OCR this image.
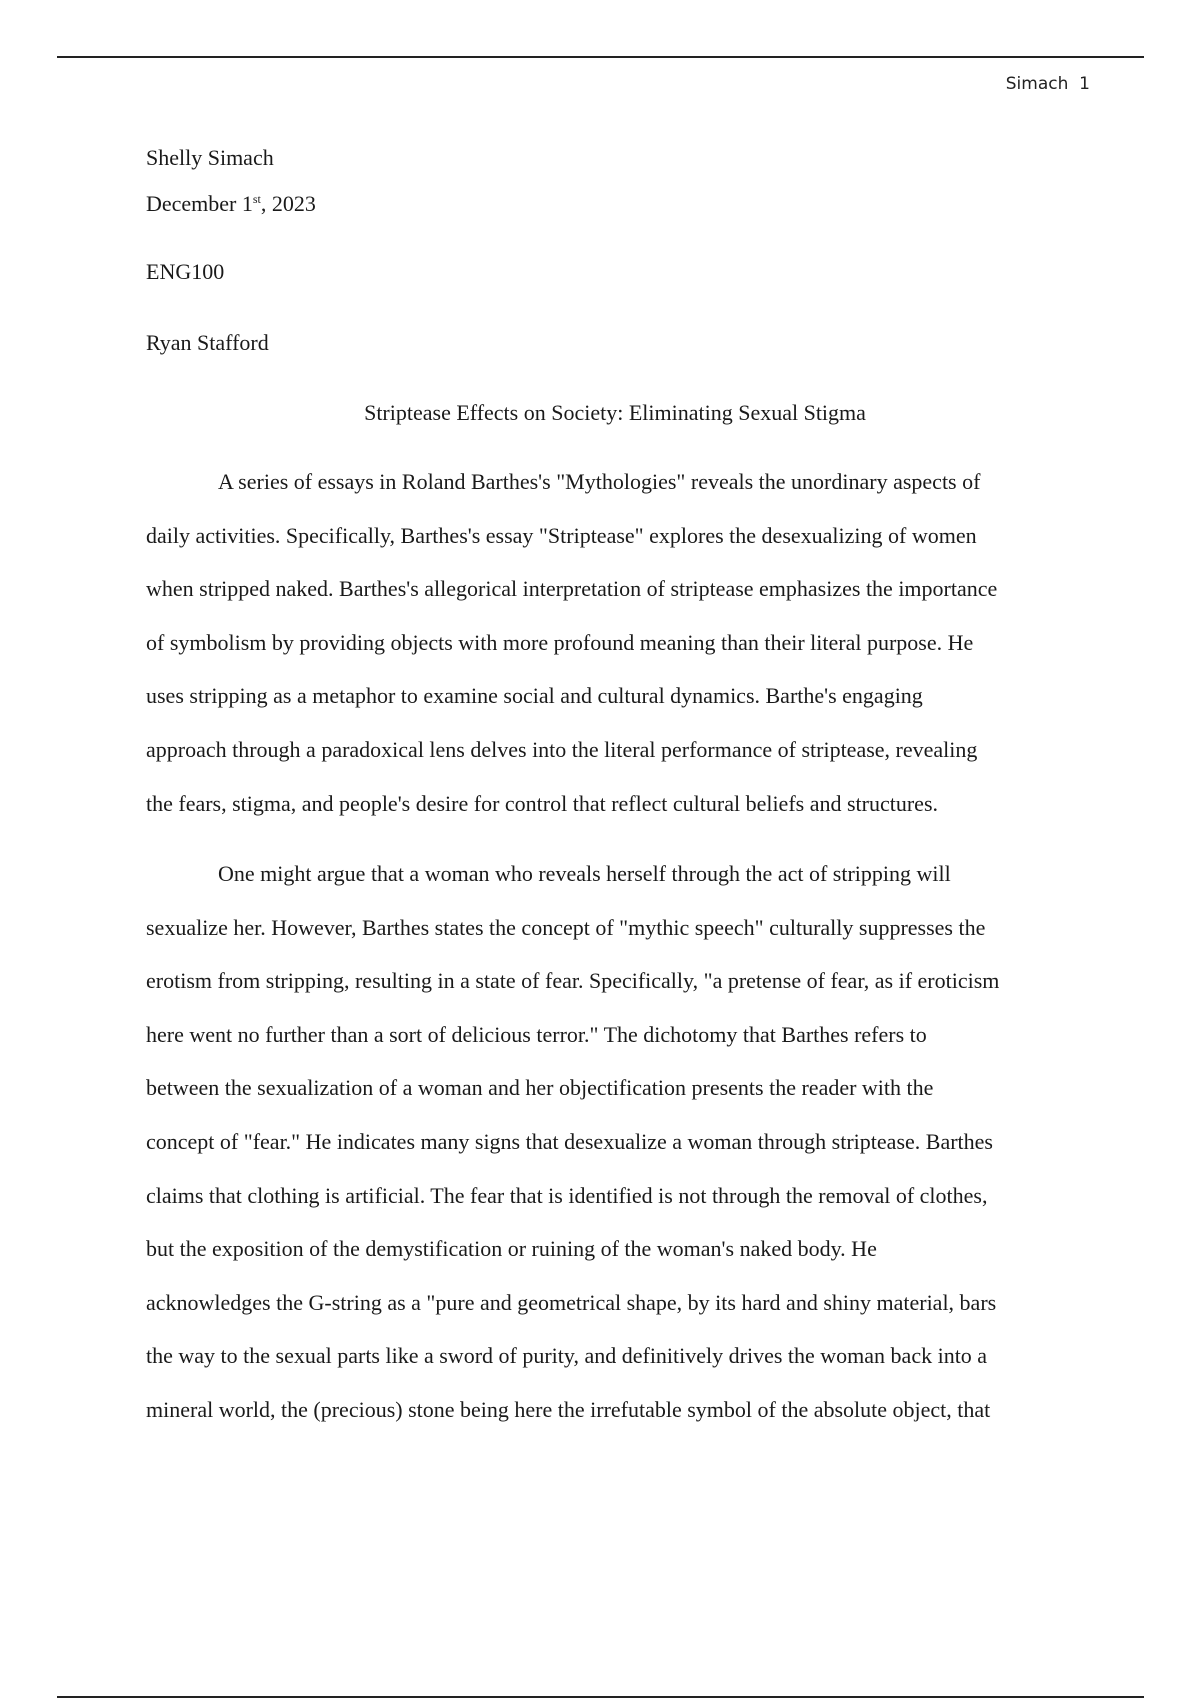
Simach  1

Shelly Simach

December 1st, 2023

ENG100

Ryan Stafford

Striptease Effects on Society: Eliminating Sexual Stigma

A series of essays in Roland Barthes's "Mythologies" reveals the unordinary aspects of
daily activities. Specifically, Barthes's essay "Striptease" explores the desexualizing of women
when stripped naked. Barthes's allegorical interpretation of striptease emphasizes the importance
of symbolism by providing objects with more profound meaning than their literal purpose. He
uses stripping as a metaphor to examine social and cultural dynamics. Barthe's engaging
approach through a paradoxical lens delves into the literal performance of striptease, revealing
the fears, stigma, and people's desire for control that reflect cultural beliefs and structures.
One might argue that a woman who reveals herself through the act of stripping will
sexualize her. However, Barthes states the concept of "mythic speech" culturally suppresses the
erotism from stripping, resulting in a state of fear. Specifically, "a pretense of fear, as if eroticism
here went no further than a sort of delicious terror." The dichotomy that Barthes refers to
between the sexualization of a woman and her objectification presents the reader with the
concept of "fear." He indicates many signs that desexualize a woman through striptease. Barthes
claims that clothing is artificial. The fear that is identified is not through the removal of clothes,
but the exposition of the demystification or ruining of the woman's naked body. He
acknowledges the G-string as a "pure and geometrical shape, by its hard and shiny material, bars
the way to the sexual parts like a sword of purity, and definitively drives the woman back into a
mineral world, the (precious) stone being here the irrefutable symbol of the absolute object, that
